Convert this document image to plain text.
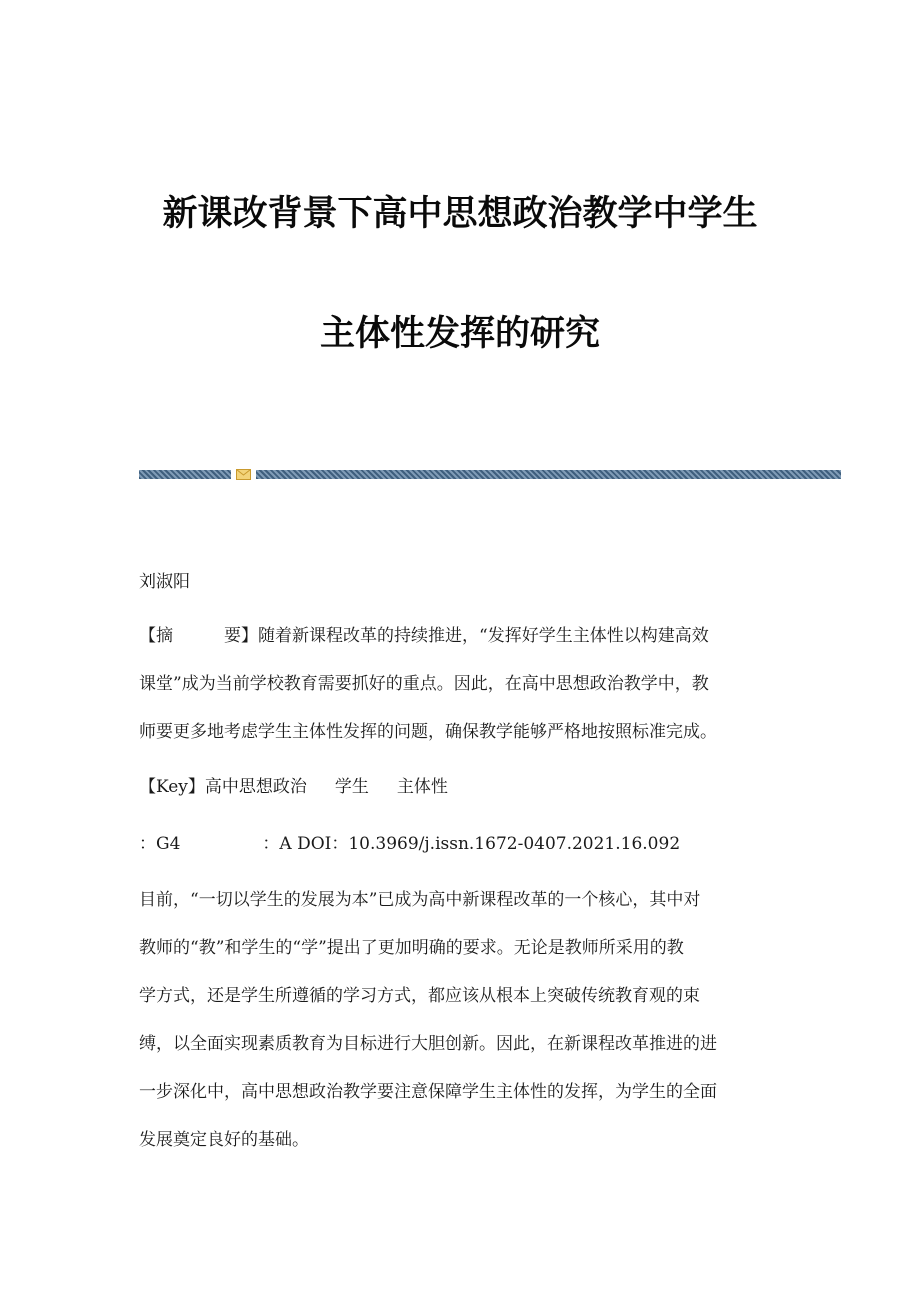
新课改背景下高中思想政治教学中学生
主体性发挥的研究
刘淑阳
【摘　　　要】随着新课程改革的持续推进，“发挥好学生主体性以构建高效
课堂”成为当前学校教育需要抓好的重点。因此，在高中思想政治教学中，教
师要更多地考虑学生主体性发挥的问题，确保教学能够严格地按照标准完成。
【Key】高中思想政治 学生 主体性
：G4	：A DOI：10.3969/j.issn.1672-0407.2021.16.092
目前，“一切以学生的发展为本”已成为高中新课程改革的一个核心，其中对
教师的“教”和学生的“学”提出了更加明确的要求。无论是教师所采用的教
学方式，还是学生所遵循的学习方式，都应该从根本上突破传统教育观的束
缚，以全面实现素质教育为目标进行大胆创新。因此，在新课程改革推进的进
一步深化中，高中思想政治教学要注意保障学生主体性的发挥，为学生的全面
发展奠定良好的基础。
